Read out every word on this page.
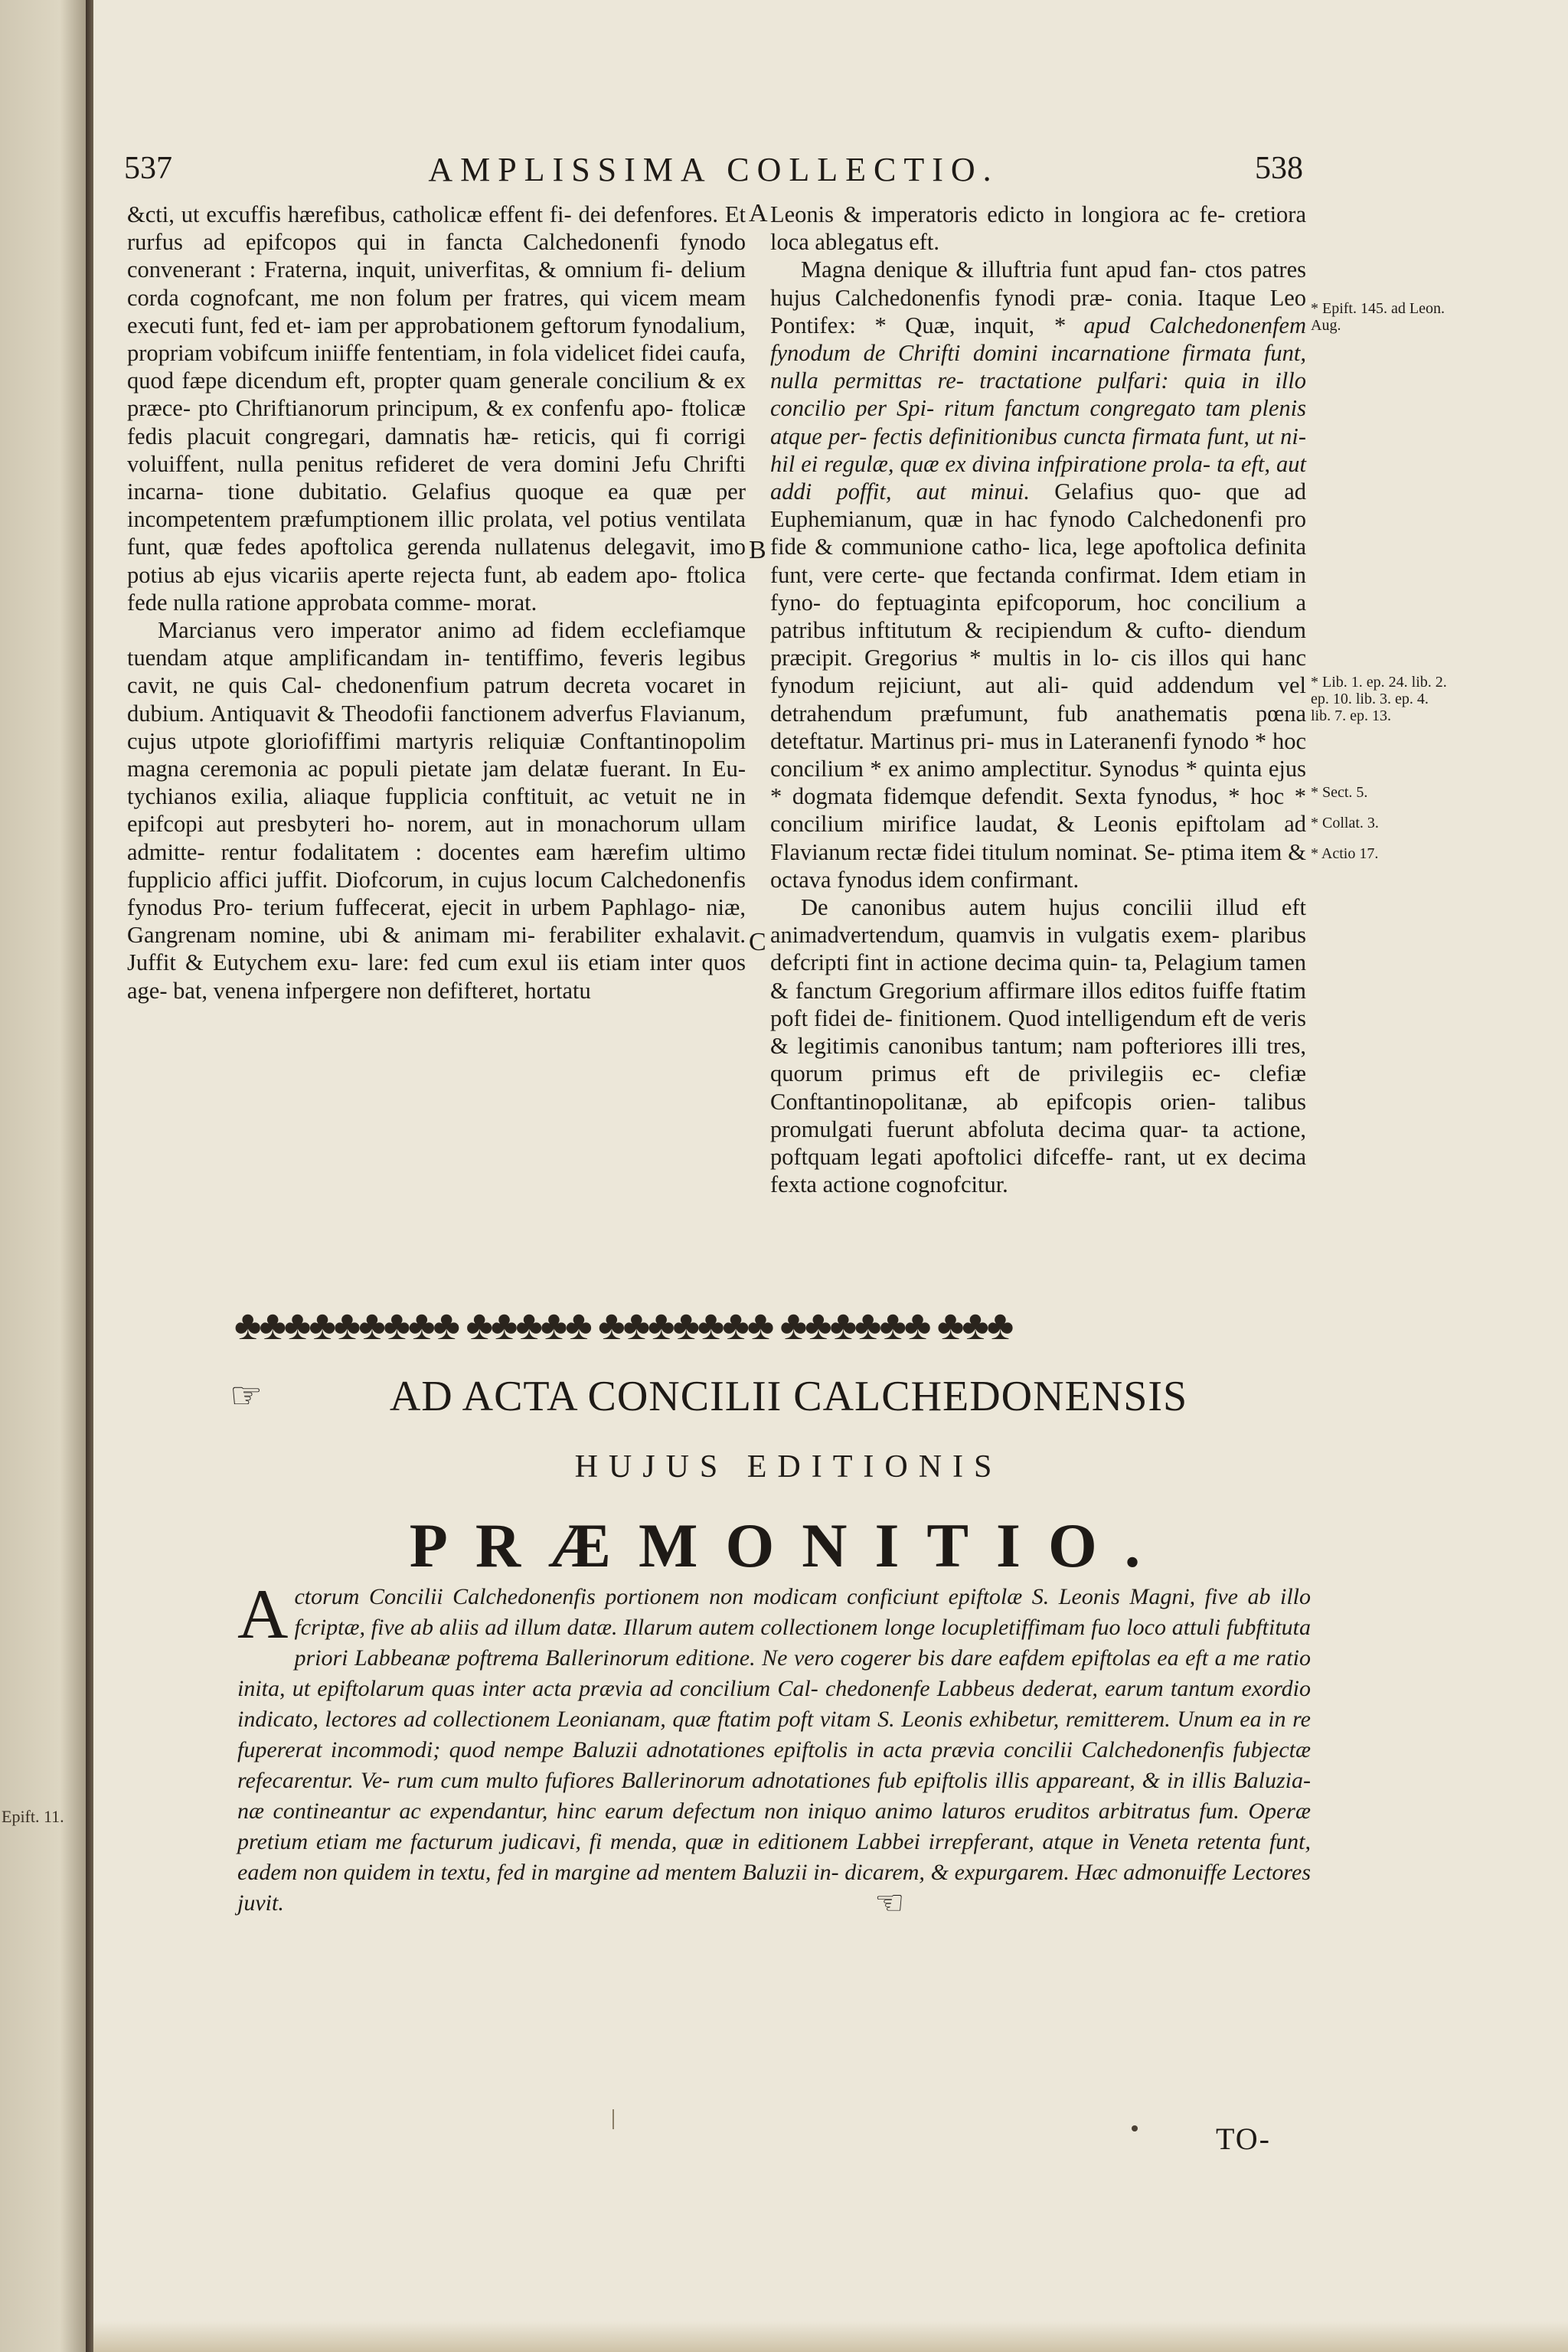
Epift. 11.
537	AMPLISSIMA COLLECTIO.	538

&cti, ut excuffis hærefibus, catholicæ effent fi- dei defenfores. Et rurfus ad epifcopos qui in fancta Calchedonenfi fynodo convenerant : Fraterna, inquit, univerfitas, & omnium fi- delium corda cognofcant, me non folum per fratres, qui vicem meam executi funt, fed et- iam per approbationem geftorum fynodalium, propriam vobifcum iniiffe fententiam, in fola videlicet fidei caufa, quod fæpe dicendum eft, propter quam generale concilium & ex præce- pto Chriftianorum principum, & ex confenfu apo- ftolicæ fedis placuit congregari, damnatis hæ- reticis, qui fi corrigi voluiffent, nulla penitus refideret de vera domini Jefu Chrifti incarna- tione dubitatio. Gelafius quoque ea quæ per incompetentem præfumptionem illic prolata, vel potius ventilata funt, quæ fedes apoftolica gerenda nullatenus delegavit, imo potius ab ejus vicariis aperte rejecta funt, ab eadem apo- ftolica fede nulla ratione approbata comme- morat.

Marcianus vero imperator animo ad fidem ecclefiamque tuendam atque amplificandam in- tentiffimo, feveris legibus cavit, ne quis Cal- chedonenfium patrum decreta vocaret in dubium. Antiquavit & Theodofii fanctionem adverfus Flavianum, cujus utpote gloriofiffimi martyris reliquiæ Conftantinopolim magna ceremonia ac populi pietate jam delatæ fuerant. In Eu- tychianos exilia, aliaque fupplicia conftituit, ac vetuit ne in epifcopi aut presbyteri ho- norem, aut in monachorum ullam admitte- rentur fodalitatem : docentes eam hærefim ultimo fupplicio affici juffit. Diofcorum, in cujus locum Calchedonenfis fynodus Pro- terium fuffecerat, ejecit in urbem Paphlago- niæ, Gangrenam nomine, ubi & animam mi- ferabiliter exhalavit. Juffit & Eutychem exu- lare: fed cum exul iis etiam inter quos age- bat, venena infpergere non defifteret, hortatu

A
B
C

Leonis & imperatoris edicto in longiora ac fe- cretiora loca ablegatus eft.

Magna denique & illuftria funt apud fan- ctos patres hujus Calchedonenfis fynodi præ- conia. Itaque Leo Pontifex: * Quæ, inquit, * apud Calchedonenfem fynodum de Chrifti domini incarnatione firmata funt, nulla permittas re- tractatione pulfari: quia in illo concilio per Spi- ritum fanctum congregato tam plenis atque per- fectis definitionibus cuncta firmata funt, ut ni- hil ei regulæ, quæ ex divina infpiratione prola- ta eft, aut addi poffit, aut minui. Gelafius quo- que ad Euphemianum, quæ in hac fynodo Calchedonenfi pro fide & communione catho- lica, lege apoftolica definita funt, vere certe- que fectanda confirmat. Idem etiam in fyno- do feptuaginta epifcoporum, hoc concilium a patribus inftitutum & recipiendum & cufto- diendum præcipit. Gregorius * multis in lo- cis illos qui hanc fynodum rejiciunt, aut ali- quid addendum vel detrahendum præfumunt, fub anathematis pœna deteftatur. Martinus pri- mus in Lateranenfi fynodo * hoc concilium * ex animo amplectitur. Synodus * quinta ejus * dogmata fidemque defendit. Sexta fynodus, * hoc * concilium mirifice laudat, & Leonis epiftolam ad Flavianum rectæ fidei titulum nominat. Se- ptima item & octava fynodus idem confirmant.

De canonibus autem hujus concilii illud eft animadvertendum, quamvis in vulgatis exem- plaribus defcripti fint in actione decima quin- ta, Pelagium tamen & fanctum Gregorium affirmare illos editos fuiffe ftatim poft fidei de- finitionem. Quod intelligendum eft de veris & legitimis canonibus tantum; nam pofteriores illi tres, quorum primus eft de privilegiis ec- clefiæ Conftantinopolitanæ, ab epifcopis orien- talibus promulgati fuerunt abfoluta decima quar- ta actione, poftquam legati apoftolici difceffe- rant, ut ex decima fexta actione cognofcitur.

* Epift. 145. ad Leon. Aug.
* Lib. 1. ep. 24. lib. 2. ep. 10. lib. 3. ep. 4. lib. 7. ep. 13.
* Sect. 5.
* Collat. 3.
* Actio 17.
♣♣♣♣♣♣♣♣♣ ♣♣♣♣♣ ♣♣♣♣♣♣♣ ♣♣♣♣♣♣ ♣♣♣
☞	AD ACTA CONCILII CALCHEDONENSIS
HUJUS EDITIONIS
PRÆMONITIO.
Actorum Concilii Calchedonenfis portionem non modicam conficiunt epiftolæ S. Leonis Magni, five ab illo fcriptæ, five ab aliis ad illum datæ. Illarum autem collectionem longe locupletiffimam fuo loco attuli fubftituta priori Labbeanæ poftrema Ballerinorum editione. Ne vero cogerer bis dare eafdem epiftolas ea eft a me ratio inita, ut epiftolarum quas inter acta prævia ad concilium Cal- chedonenfe Labbeus dederat, earum tantum exordio indicato, lectores ad collectionem Leonianam, quæ ftatim poft vitam S. Leonis exhibetur, remitterem. Unum ea in re fupererat incommodi; quod nempe Baluzii adnotationes epiftolis in acta prævia concilii Calchedonenfis fubjectæ refecarentur. Ve- rum cum multo fufiores Ballerinorum adnotationes fub epiftolis illis appareant, & in illis Baluzia- næ contineantur ac expendantur, hinc earum defectum non iniquo animo laturos eruditos arbitratus fum. Operæ pretium etiam me facturum judicavi, fi menda, quæ in editionem Labbei irrepferant, atque in Veneta retenta funt, eadem non quidem in textu, fed in margine ad mentem Baluzii in- dicarem, & expurgarem. Hæc admonuiffe Lectores juvit.	☜
TO-
